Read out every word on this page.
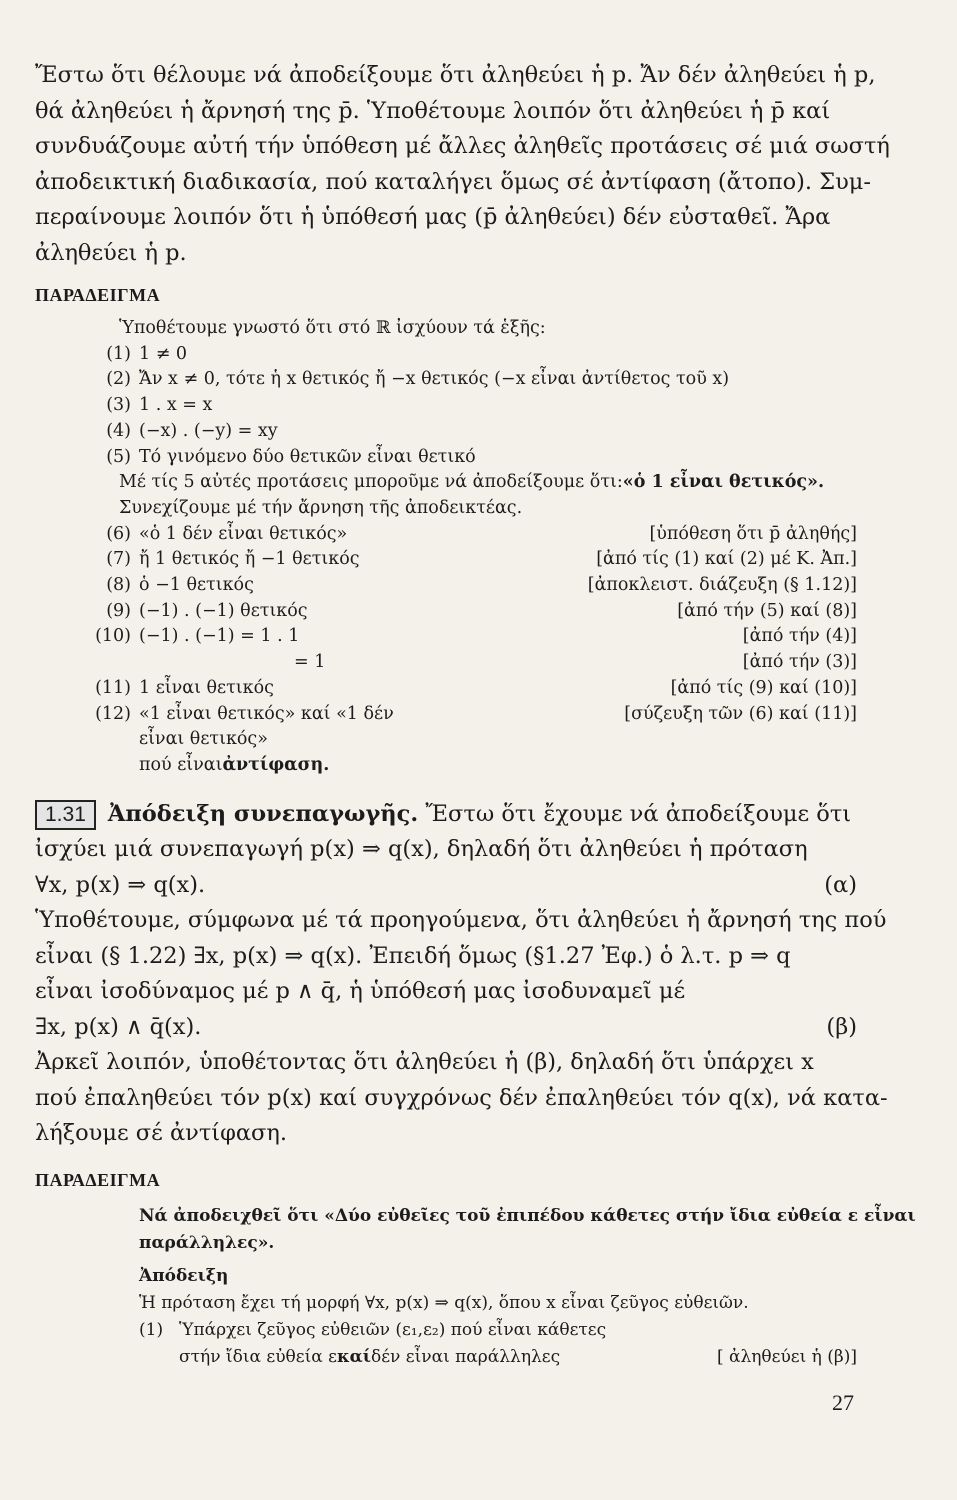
Ἔστω ὅτι θέλουμε νά ἀποδείξουμε ὅτι ἀληθεύει ἡ p. Ἄν δέν ἀληθεύει ἡ p,
θά ἀληθεύει ἡ ἄρνησή της p̄. Ὑποθέτουμε λοιπόν ὅτι ἀληθεύει ἡ p̄ καί
συνδυάζουμε αὐτή τήν ὑπόθεση μέ ἄλλες ἀληθεῖς προτάσεις σέ μιά σωστή
ἀποδεικτική διαδικασία, πού καταλήγει ὅμως σέ ἀντίφαση (ἄτοπο). Συμ-
περαίνουμε λοιπόν ὅτι ἡ ὑπόθεσή μας (p̄ ἀληθεύει) δέν εὐσταθεῖ. Ἄρα
ἀληθεύει ἡ p.

ΠΑΡΑΔΕΙΓΜΑ

Ὑποθέτουμε γνωστό ὅτι στό ℝ ἰσχύουν τά ἑξῆς:
(1) 1 ≠ 0
(2) Ἄν x ≠ 0, τότε ἡ x θετικός ἤ −x θετικός (−x εἶναι ἀντίθετος τοῦ x)
(3) 1 . x = x
(4) (−x) . (−y) = xy
(5) Τό γινόμενο δύο θετικῶν εἶναι θετικό
Μέ τίς 5 αὐτές προτάσεις μποροῦμε νά ἀποδείξουμε ὅτι: «ὁ 1 εἶναι θετικός».
Συνεχίζουμε μέ τήν ἄρνηση τῆς ἀποδεικτέας.
(6) «ὁ 1 δέν εἶναι θετικός»	[ὑπόθεση ὅτι p̄ ἀληθής]
(7) ἤ 1 θετικός ἤ −1 θετικός	[ἀπό τίς (1) καί (2) μέ Κ. Ἀπ.]
(8) ὁ −1 θετικός	[ἀποκλειστ. διάζευξη (§ 1.12)]
(9) (−1) . (−1) θετικός	[ἀπό τήν (5) καί (8)]
(10) (−1) . (−1) = 1 . 1	[ἀπό τήν (4)]
= 1	[ἀπό τήν (3)]
(11) 1 εἶναι θετικός	[ἀπό τίς (9) καί (10)]
(12) «1 εἶναι θετικός» καί «1 δέν	[σύζευξη τῶν (6) καί (11)]
εἶναι θετικός»
πού εἶναι ἀντίφαση.
1.31 Ἀπόδειξη συνεπαγωγῆς. Ἔστω ὅτι ἔχουμε νά ἀποδείξουμε ὅτι
ἰσχύει μιά συνεπαγωγή p(x) ⇒ q(x), δηλαδή ὅτι ἀληθεύει ἡ πρόταση
∀x, p(x) ⇒ q(x).	(α)
Ὑποθέτουμε, σύμφωνα μέ τά προηγούμενα, ὅτι ἀληθεύει ἡ ἄρνησή της πού
εἶναι (§ 1.22) ∃x, p(x) ⇒ q(x). Ἐπειδή ὅμως (§1.27 Ἐφ.) ὁ λ.τ. p ⇒ q
εἶναι ἰσοδύναμος μέ p ∧ q̄, ἡ ὑπόθεσή μας ἰσοδυναμεῖ μέ
∃x, p(x) ∧ q̄(x).	(β)
Ἀρκεῖ λοιπόν, ὑποθέτοντας ὅτι ἀληθεύει ἡ (β), δηλαδή ὅτι ὑπάρχει x
πού ἐπαληθεύει τόν p(x) καί συγχρόνως δέν ἐπαληθεύει τόν q(x), νά κατα-
λήξουμε σέ ἀντίφαση.

ΠΑΡΑΔΕΙΓΜΑ

Νά ἀποδειχθεῖ ὅτι «Δύο εὐθεῖες τοῦ ἐπιπέδου κάθετες στήν ἴδια εὐθεία ε εἶναι
παράλληλες».
Ἀπόδειξη
Ἡ πρόταση ἔχει τή μορφή ∀x, p(x) ⇒ q(x), ὅπου x εἶναι ζεῦγος εὐθειῶν.
(1) Ὑπάρχει ζεῦγος εὐθειῶν (ε₁,ε₂) πού εἶναι κάθετες
στήν ἴδια εὐθεία ε καί δέν εἶναι παράλληλες	[ ἀληθεύει ἡ (β)]
27
